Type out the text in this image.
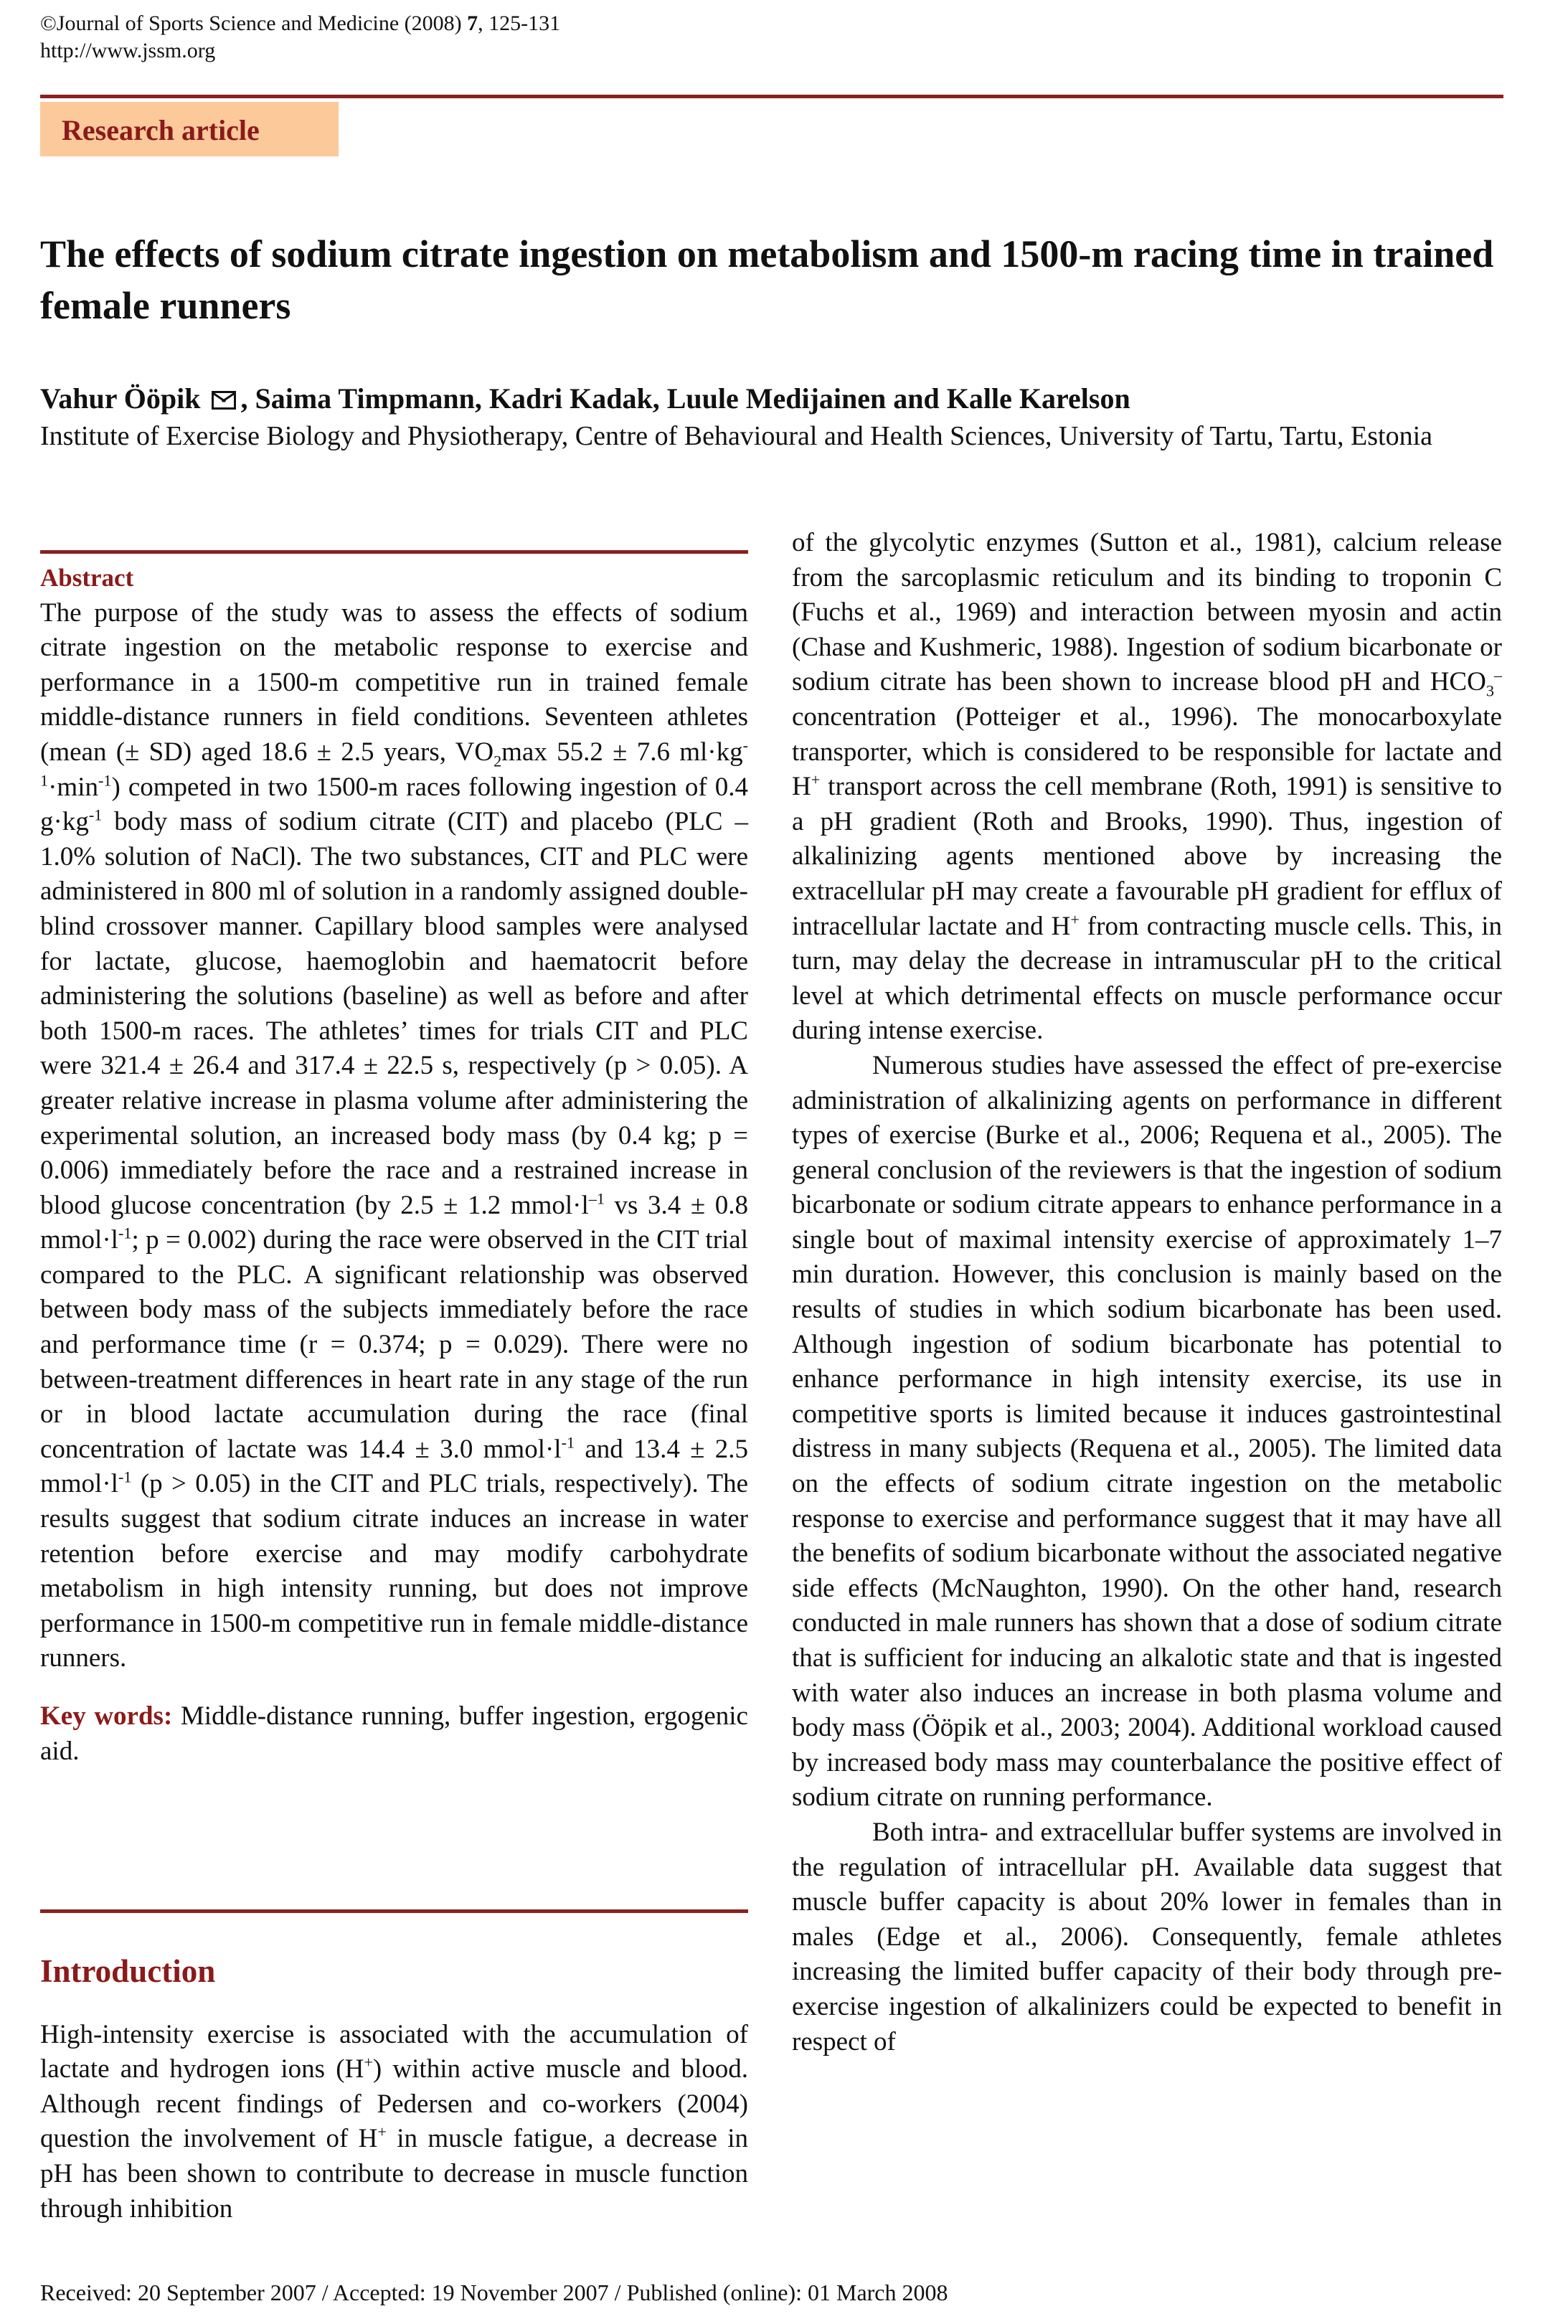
©Journal of Sports Science and Medicine (2008) 7, 125-131
http://www.jssm.org
Research article
The effects of sodium citrate ingestion on metabolism and 1500-m racing time in trained female runners
Vahur Ööpik , Saima Timpmann, Kadri Kadak, Luule Medijainen and Kalle Karelson
Institute of Exercise Biology and Physiotherapy, Centre of Behavioural and Health Sciences, University of Tartu, Tartu, Estonia
Abstract

The purpose of the study was to assess the effects of sodium citrate ingestion on the metabolic response to exercise and performance in a 1500-m competitive run in trained female middle-distance runners in field conditions. Seventeen athletes (mean (± SD) aged 18.6 ± 2.5 years, $VO_2\max$ 55.2 ± 7.6 $ml\cdot kg^{-1}\cdot\min^{-1}$) competed in two 1500-m races following ingestion of 0.4 $g\cdot kg^{-1}$ body mass of sodium citrate (CIT) and placebo (PLC – 1.0% solution of NaCl). The two substances, CIT and PLC were administered in 800 ml of solution in a randomly assigned double-blind crossover manner. Capillary blood samples were analysed for lactate, glucose, haemoglobin and haematocrit before administering the solutions (baseline) as well as before and after both 1500-m races. The athletes’ times for trials CIT and PLC were 321.4 ± 26.4 and 317.4 ± 22.5 s, respectively (p > 0.05). A greater relative increase in plasma volume after administering the experimental solution, an increased body mass (by 0.4 kg; p = 0.006) immediately before the race and a restrained increase in blood glucose concentration (by 2.5 ± 1.2 $mmol\cdot l^{-1}$ vs 3.4 ± 0.8 $mmol\cdot l^{-1}$; p = 0.002) during the race were observed in the CIT trial compared to the PLC. A significant relationship was observed between body mass of the subjects immediately before the race and performance time (r = 0.374; p = 0.029). There were no between-treatment differences in heart rate in any stage of the run or in blood lactate accumulation during the race (final concentration of lactate was 14.4 ± 3.0 $mmol\cdot l^{-1}$ and 13.4 ± 2.5 $mmol\cdot l^{-1}$ (p > 0.05) in the CIT and PLC trials, respectively). The results suggest that sodium citrate induces an increase in water retention before exercise and may modify carbohydrate metabolism in high intensity running, but does not improve performance in 1500-m competitive run in female middle-distance runners.

Key words: Middle-distance running, buffer ingestion, ergogenic aid.

Introduction

High-intensity exercise is associated with the accumulation of lactate and hydrogen ions (H+) within active muscle and blood. Although recent findings of Pedersen and co-workers (2004) question the involvement of H+ in muscle fatigue, a decrease in pH has been shown to contribute to decrease in muscle function through inhibition

of the glycolytic enzymes (Sutton et al., 1981), calcium release from the sarcoplasmic reticulum and its binding to troponin C (Fuchs et al., 1969) and interaction between myosin and actin (Chase and Kushmeric, 1988). Ingestion of sodium bicarbonate or sodium citrate has been shown to increase blood pH and $HCO_3^-$ concentration (Potteiger et al., 1996). The monocarboxylate transporter, which is considered to be responsible for lactate and H+ transport across the cell membrane (Roth, 1991) is sensitive to a pH gradient (Roth and Brooks, 1990). Thus, ingestion of alkalinizing agents mentioned above by increasing the extracellular pH may create a favourable pH gradient for efflux of intracellular lactate and H+ from contracting muscle cells. This, in turn, may delay the decrease in intramuscular pH to the critical level at which detrimental effects on muscle performance occur during intense exercise.

Numerous studies have assessed the effect of pre-exercise administration of alkalinizing agents on performance in different types of exercise (Burke et al., 2006; Requena et al., 2005). The general conclusion of the reviewers is that the ingestion of sodium bicarbonate or sodium citrate appears to enhance performance in a single bout of maximal intensity exercise of approximately 1–7 min duration. However, this conclusion is mainly based on the results of studies in which sodium bicarbonate has been used. Although ingestion of sodium bicarbonate has potential to enhance performance in high intensity exercise, its use in competitive sports is limited because it induces gastrointestinal distress in many subjects (Requena et al., 2005). The limited data on the effects of sodium citrate ingestion on the metabolic response to exercise and performance suggest that it may have all the benefits of sodium bicarbonate without the associated negative side effects (McNaughton, 1990). On the other hand, research conducted in male runners has shown that a dose of sodium citrate that is sufficient for inducing an alkalotic state and that is ingested with water also induces an increase in both plasma volume and body mass (Ööpik et al., 2003; 2004). Additional workload caused by increased body mass may counterbalance the positive effect of sodium citrate on running performance.

Both intra- and extracellular buffer systems are involved in the regulation of intracellular pH. Available data suggest that muscle buffer capacity is about 20% lower in females than in males (Edge et al., 2006). Consequently, female athletes increasing the limited buffer capacity of their body through pre-exercise ingestion of alkalinizers could be expected to benefit in respect of

Received: 20 September 2007 / Accepted: 19 November 2007 / Published (online): 01 March 2008
